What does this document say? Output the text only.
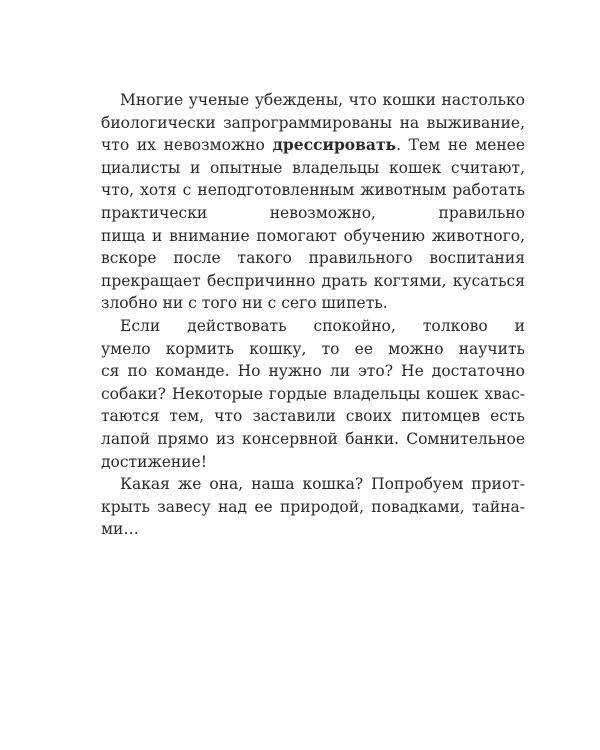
Многие ученые убеждены, что кошки настолько
биологически запрограммированы на выживание,
что их невозможно дрессировать. Тем не менее
циалисты и опытные владельцы кошек считают,
что, хотя с неподготовленным животным работать
практически невозможно, правильно
пища и внимание помогают обучению животного,
вскоре после такого правильного воспитания
прекращает беспричинно драть когтями, кусаться
злобно ни с того ни с сего шипеть.

Если действовать спокойно, толково и
умело кормить кошку, то ее можно научить
ся по команде. Но нужно ли это? Не достаточно
собаки? Некоторые гордые владельцы кошек хвас-
таются тем, что заставили своих питомцев есть
лапой прямо из консервной банки. Сомнительное
достижение!

Какая же она, наша кошка? Попробуем приот-
крыть завесу над ее природой, повадками, тайна-
ми…
